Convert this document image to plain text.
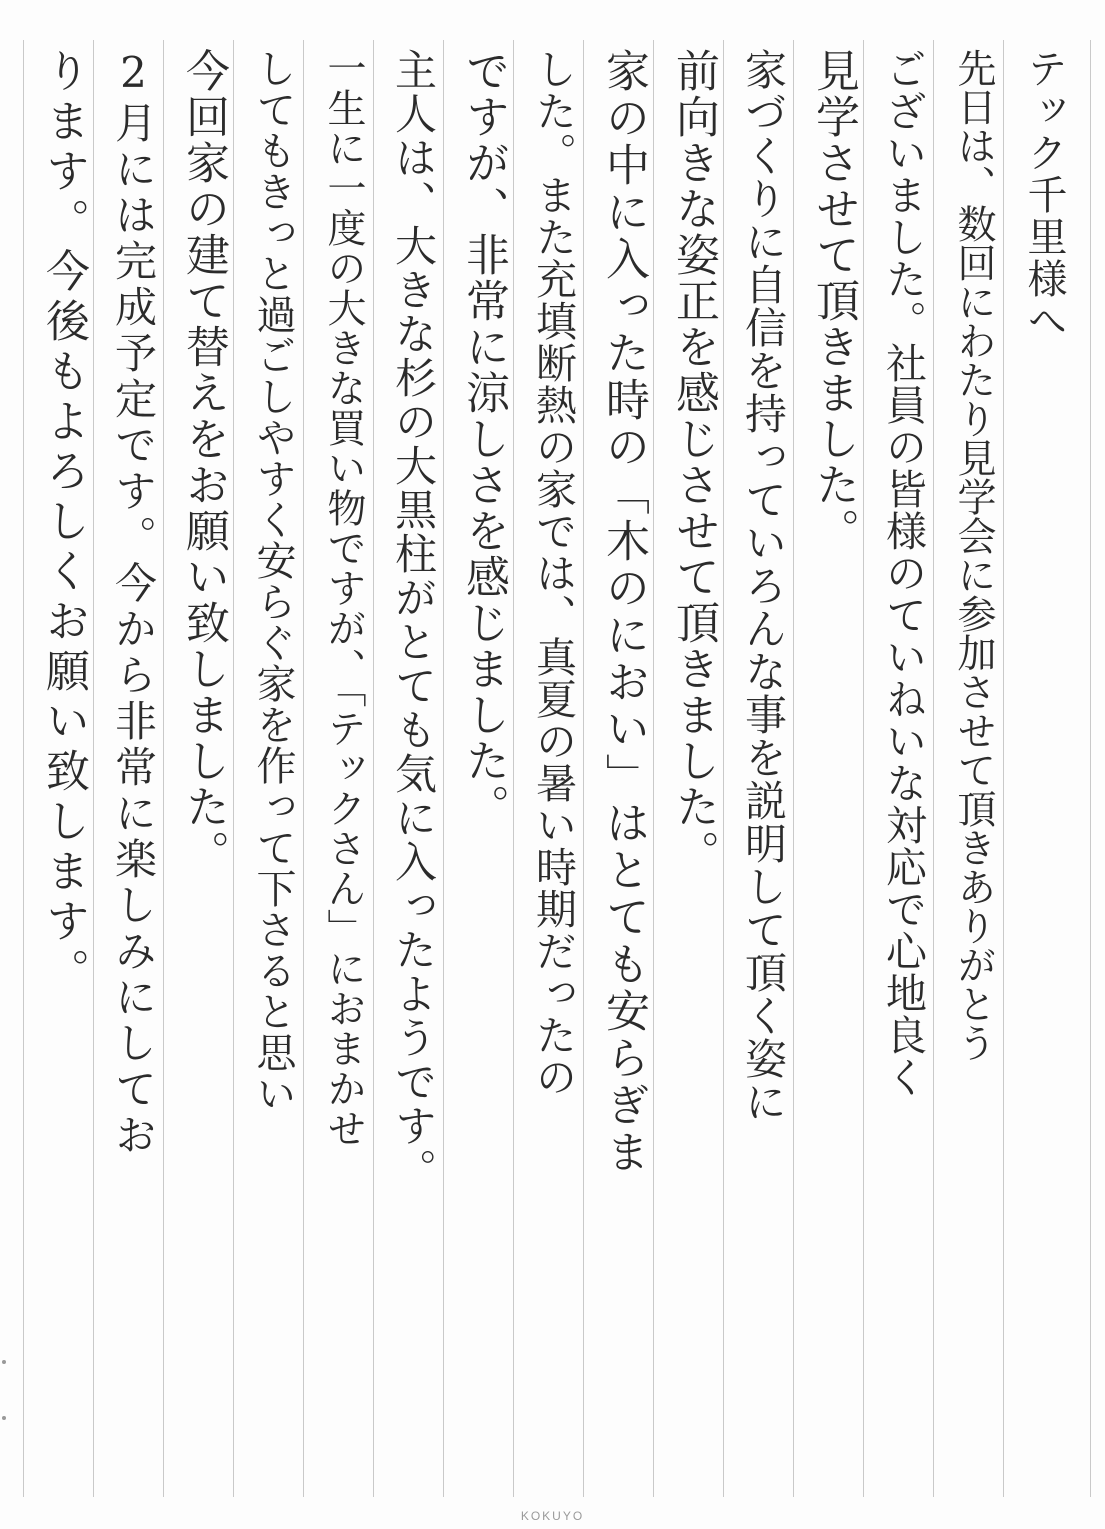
テック千里様へ
先日は、数回にわたり見学会に参加させて頂きありがとう
ございました。社員の皆様のていねいな対応で心地良く
見学させて頂きました。
家づくりに自信を持っていろんな事を説明して頂く姿に
前向きな姿正を感じさせて頂きました。
家の中に入った時の「木のにおい」はとても安らぎま
した。また充填断熱の家では、真夏の暑い時期だったの
ですが、非常に涼しさを感じました。
主人は、大きな杉の大黒柱がとても気に入ったようです。
一生に一度の大きな買い物ですが、「テックさん」におまかせ
してもきっと過ごしやすく安らぐ家を作って下さると思い
今回家の建て替えをお願い致しました。
2月には完成予定です。今から非常に楽しみにしてお
ります。今後もよろしくお願い致します。
KOKUYO
